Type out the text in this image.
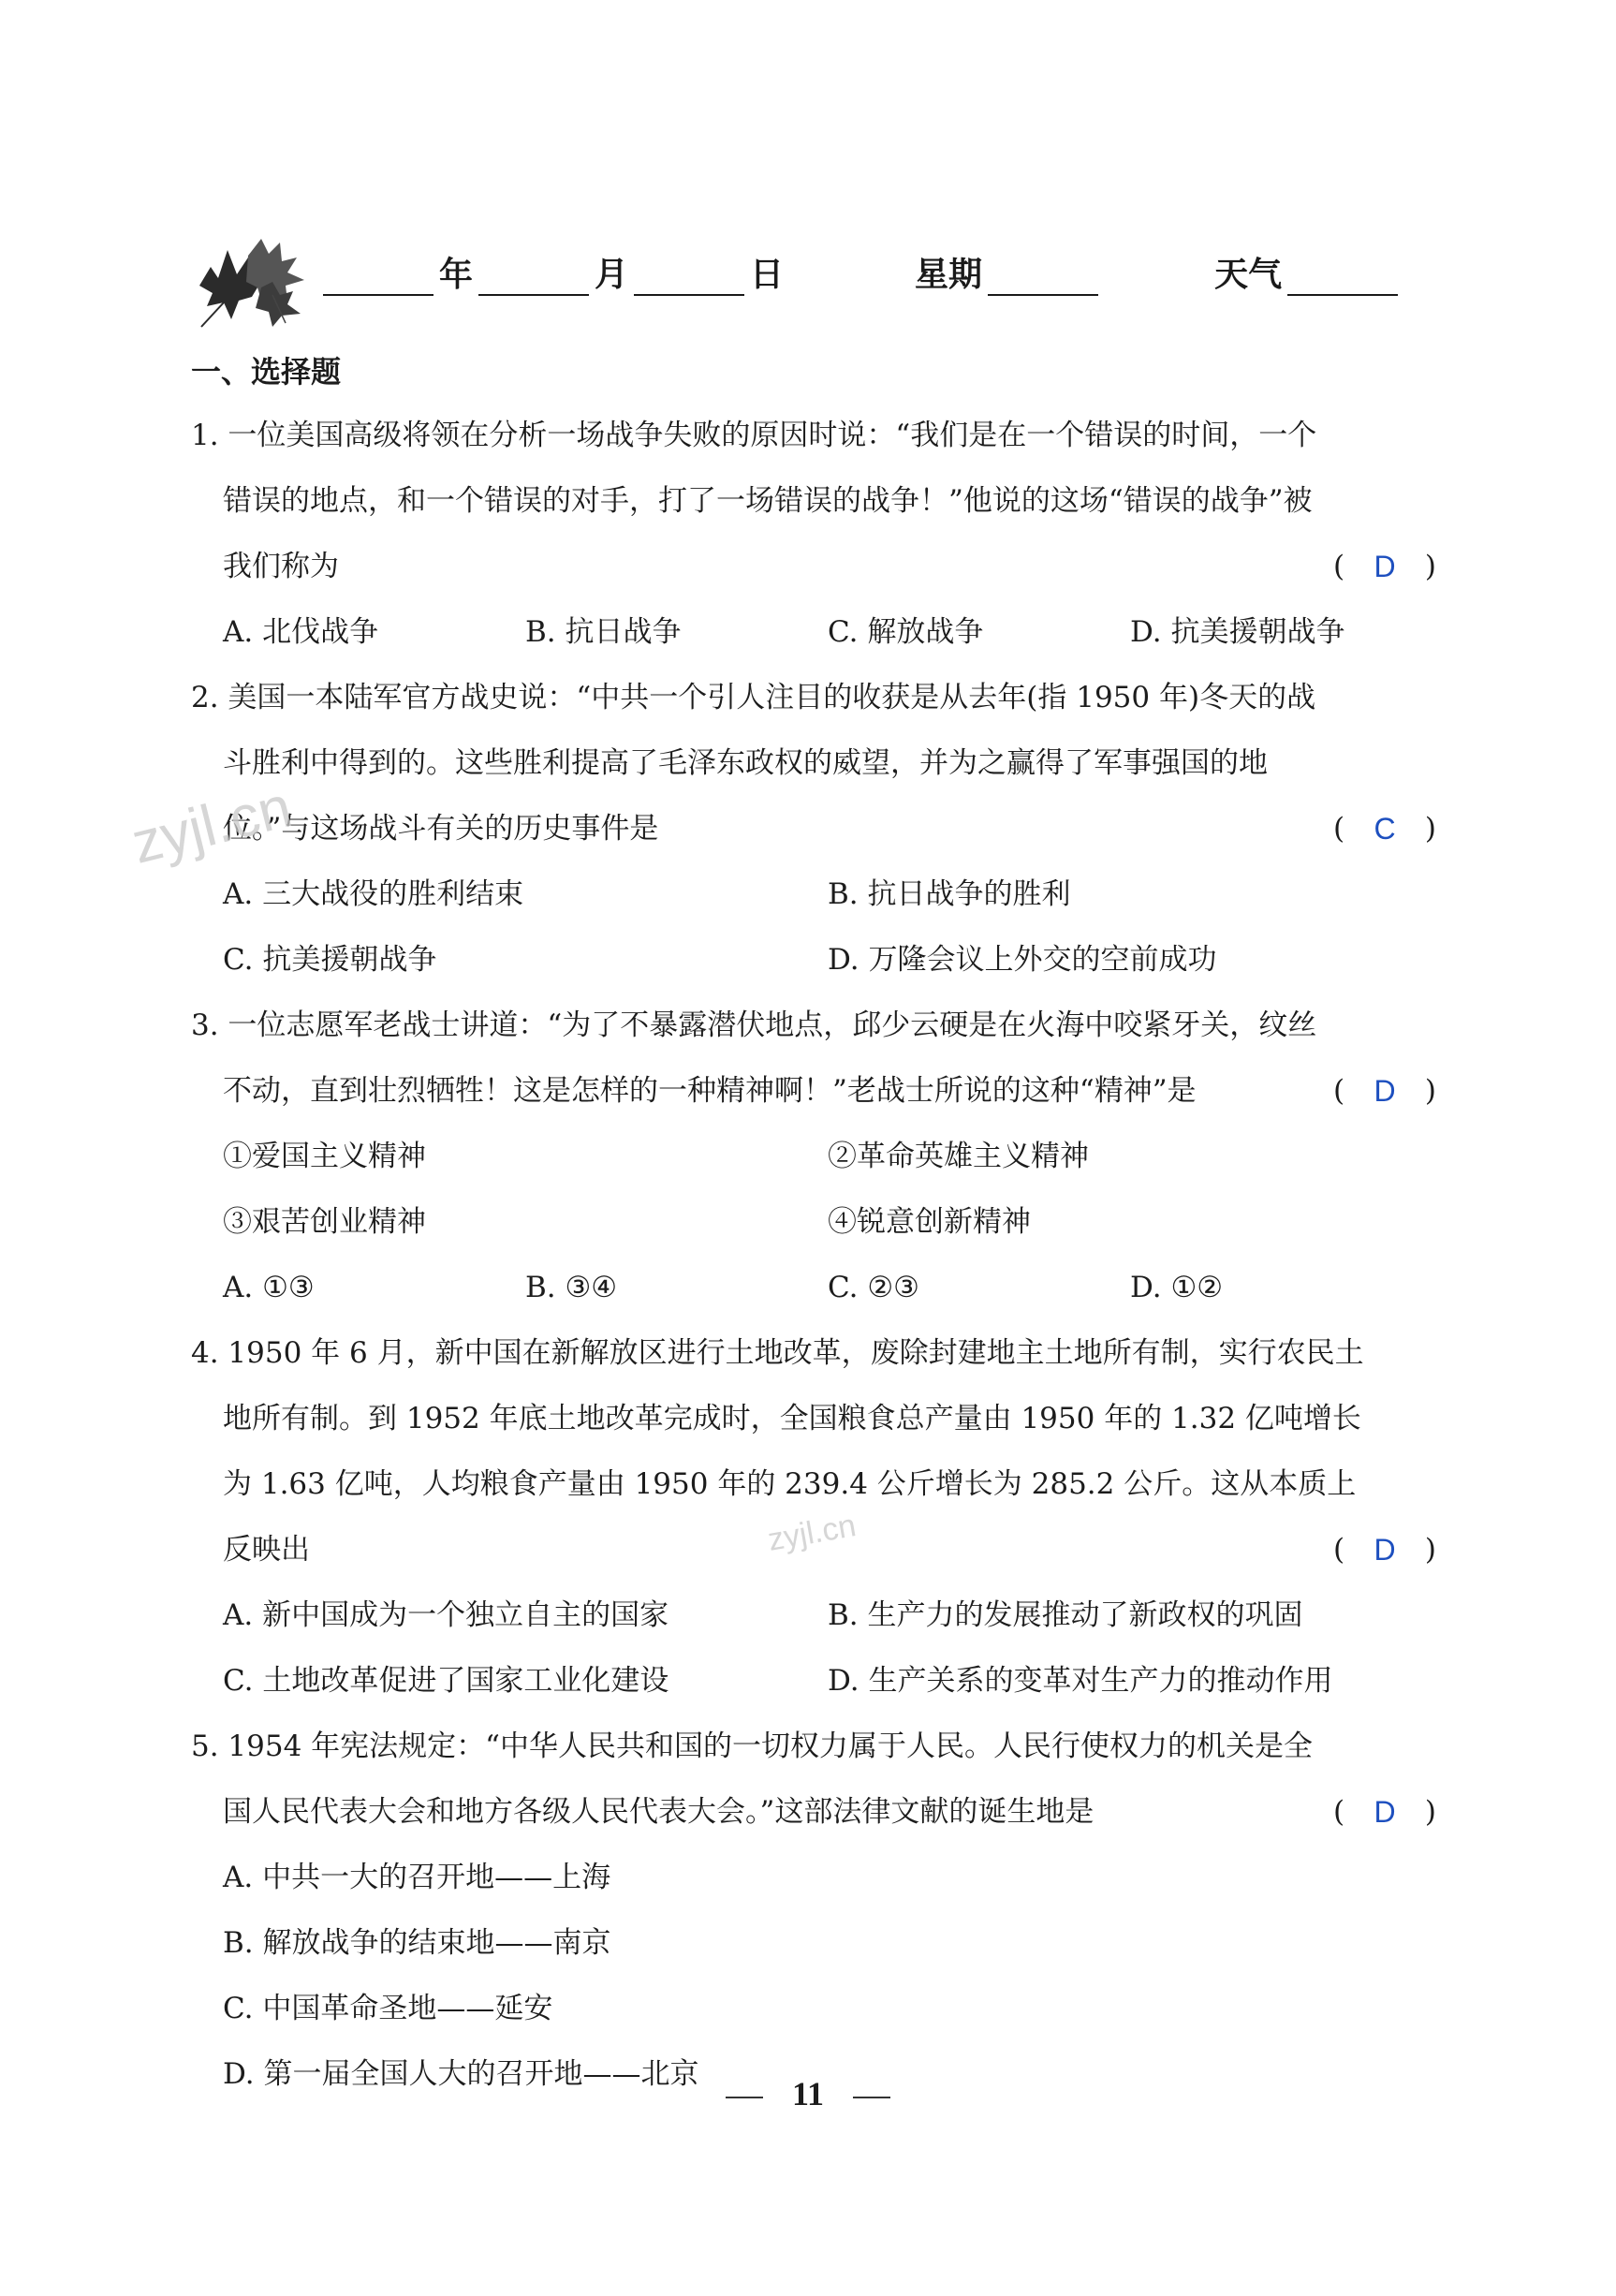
年	月	日	星期	天气
一、选择题
1. 一位美国高级将领在分析一场战争失败的原因时说：“我们是在一个错误的时间，一个
错误的地点，和一个错误的对手，打了一场错误的战争！”他说的这场“错误的战争”被
我们称为	( D )
A. 北伐战争	B. 抗日战争	C. 解放战争	D. 抗美援朝战争
2. 美国一本陆军官方战史说：“中共一个引人注目的收获是从去年(指 1950 年)冬天的战
斗胜利中得到的。这些胜利提高了毛泽东政权的威望，并为之赢得了军事强国的地
位。”与这场战斗有关的历史事件是	( C )
A. 三大战役的胜利结束	B. 抗日战争的胜利
C. 抗美援朝战争	D. 万隆会议上外交的空前成功
3. 一位志愿军老战士讲道：“为了不暴露潜伏地点，邱少云硬是在火海中咬紧牙关，纹丝
不动，直到壮烈牺牲！这是怎样的一种精神啊！”老战士所说的这种“精神”是	( D )
①爱国主义精神	②革命英雄主义精神
③艰苦创业精神	④锐意创新精神
A. ①③	B. ③④	C. ②③	D. ①②
4. 1950 年 6 月，新中国在新解放区进行土地改革，废除封建地主土地所有制，实行农民土
地所有制。到 1952 年底土地改革完成时，全国粮食总产量由 1950 年的 1.32 亿吨增长
为 1.63 亿吨，人均粮食产量由 1950 年的 239.4 公斤增长为 285.2 公斤。这从本质上
反映出	( D )
A. 新中国成为一个独立自主的国家	B. 生产力的发展推动了新政权的巩固
C. 土地改革促进了国家工业化建设	D. 生产关系的变革对生产力的推动作用
5. 1954 年宪法规定：“中华人民共和国的一切权力属于人民。人民行使权力的机关是全
国人民代表大会和地方各级人民代表大会。”这部法律文献的诞生地是	( D )
A. 中共一大的召开地——上海
B. 解放战争的结束地——南京
C. 中国革命圣地——延安
D. 第一届全国人大的召开地——北京
zyjl.cn
zyjl.cn
11
